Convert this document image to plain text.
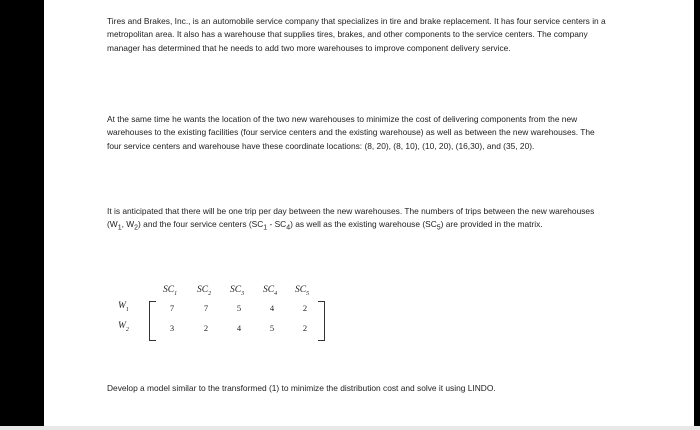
Tires and Brakes, Inc., is an automobile service company that specializes in tire and brake replacement. It has four service centers in a metropolitan area. It also has a warehouse that supplies tires, brakes, and other components to the service centers. The company manager has determined that he needs to add two more warehouses to improve component delivery service.

At the same time he wants the location of the two new warehouses to minimize the cost of delivering components from the new warehouses to the existing facilities (four service centers and the existing warehouse) as well as between the new warehouses. The four service centers and warehouse have these coordinate locations: (8, 20), (8, 10), (10, 20), (16,30), and (35, 20).

It is anticipated that there will be one trip per day between the new warehouses. The numbers of trips between the new warehouses ($W_1$, $W_2$) and the four service centers $(SC_1 - SC_4)$ as well as the existing warehouse $(SC_5)$ are provided in the matrix.

$SC_1$ $SC_2$ $SC_3$ $SC_4$ $SC_5$
$W_1$	7	7	5	4	2
$W_2$	3	2	4	5	2

Develop a model similar to the transformed (1) to minimize the distribution cost and solve it using LINDO.
